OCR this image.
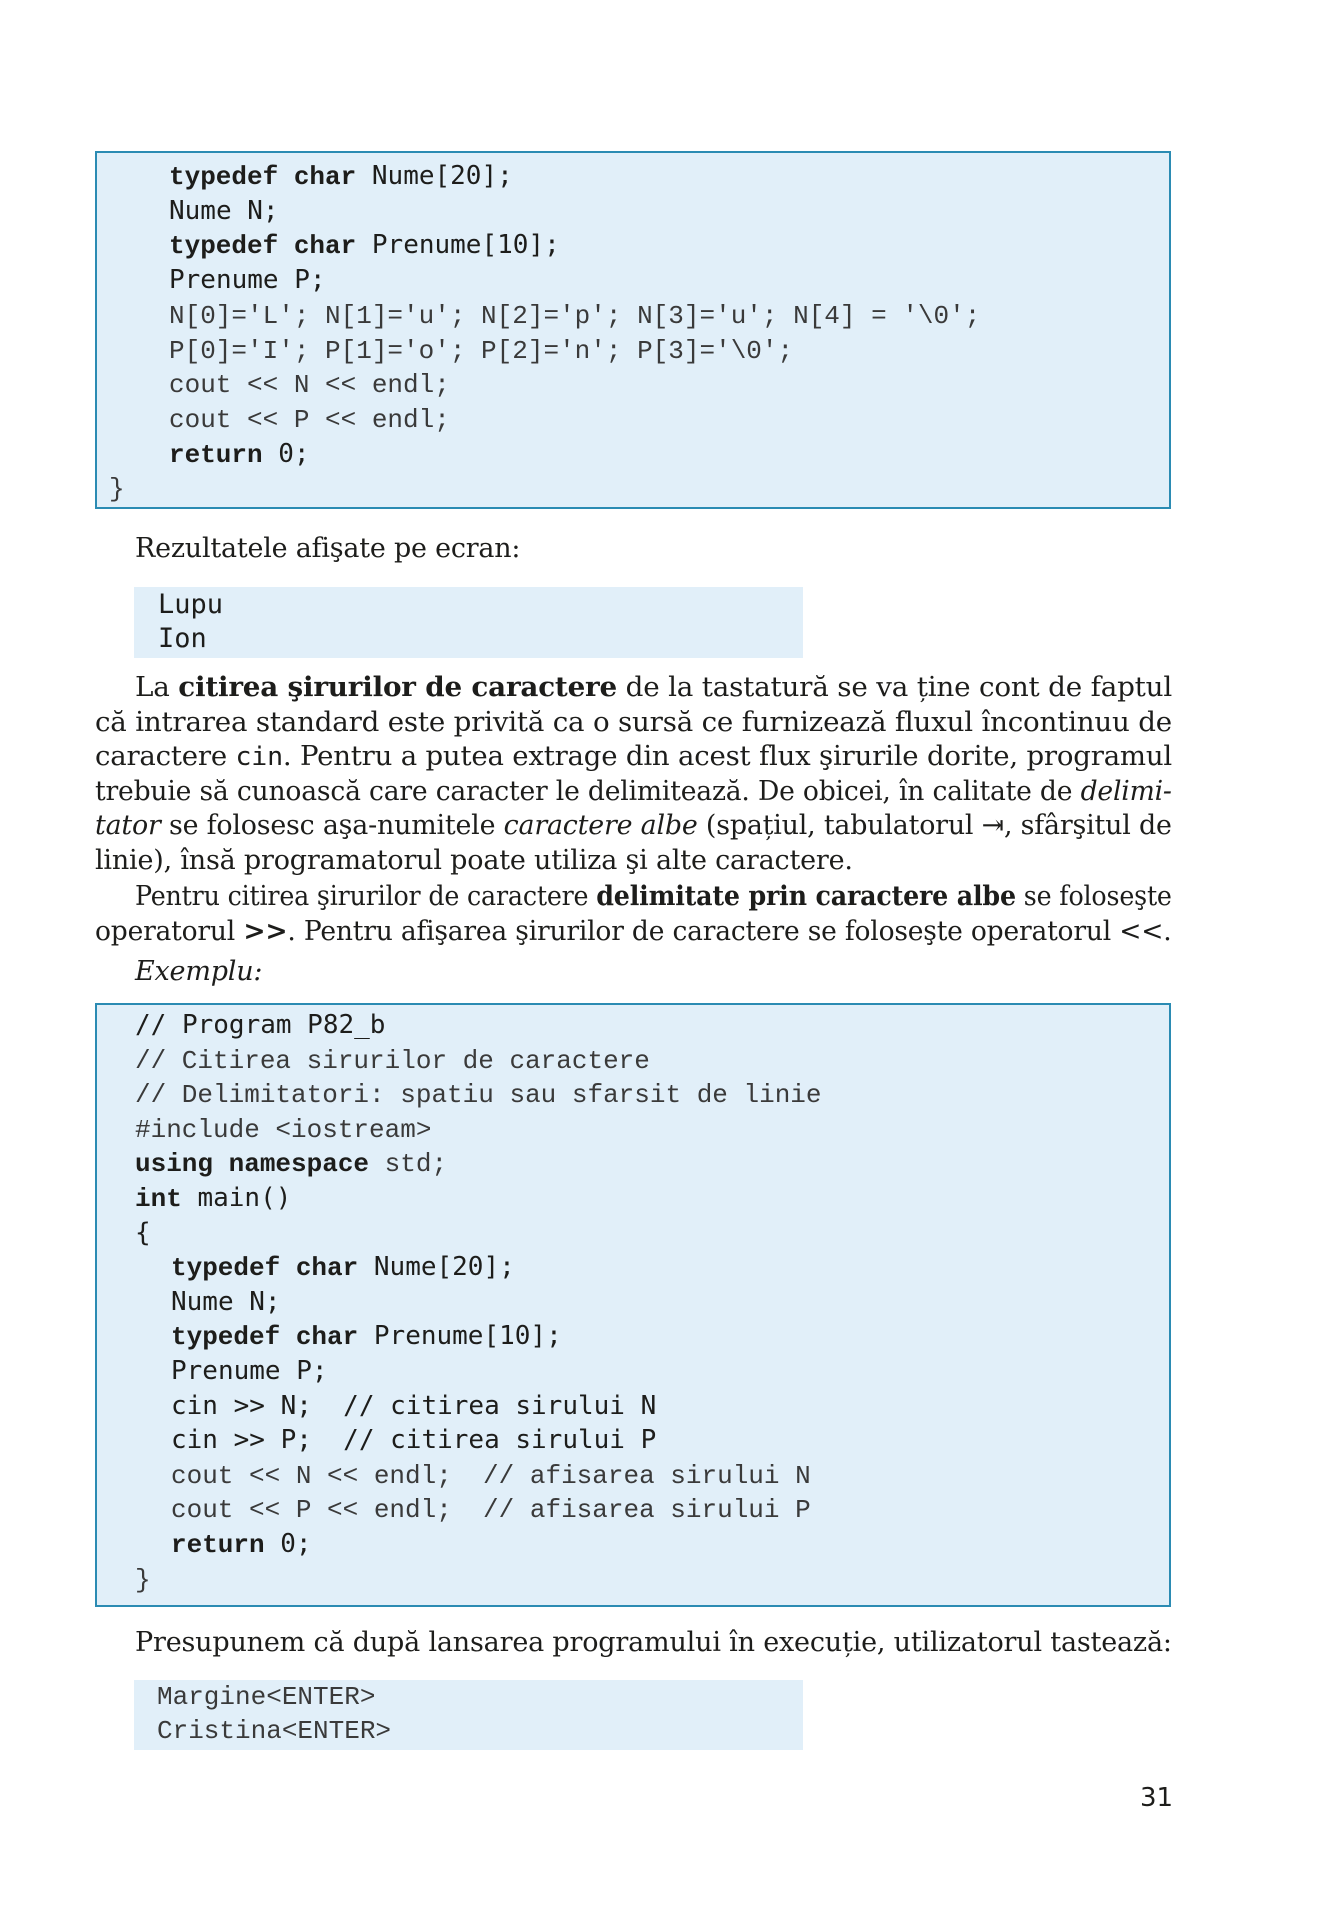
typedef char Nume[20];
Nume N;
typedef char Prenume[10];
Prenume P;
N[0]='L'; N[1]='u'; N[2]='p'; N[3]='u'; N[4] = '\0';
P[0]='I'; P[1]='o'; P[2]='n'; P[3]='\0';
cout << N << endl;
cout << P << endl;
return 0;
}
Rezultatele afişate pe ecran:
Lupu
Ion
La citirea şirurilor de caractere de la tastatură se va ține cont de faptul
că intrarea standard este privită ca o sursă ce furnizează fluxul încontinuu de
caractere cin. Pentru a putea extrage din acest flux şirurile dorite, programul
trebuie să cunoască care caracter le delimitează. De obicei, în calitate de delimi-
tator se folosesc aşa-numitele caractere albe (spațiul, tabulatorul ⇥, sfârşitul de
linie), însă programatorul poate utiliza şi alte caractere.
Pentru citirea şirurilor de caractere delimitate prin caractere albe se foloseşte
operatorul >>. Pentru afişarea şirurilor de caractere se foloseşte operatorul <<.
Exemplu:
// Program P82_b
// Citirea sirurilor de caractere
// Delimitatori: spatiu sau sfarsit de linie
#include <iostream>
using namespace std;
int main()
{
typedef char Nume[20];
Nume N;
typedef char Prenume[10];
Prenume P;
cin >> N;  // citirea sirului N
cin >> P;  // citirea sirului P
cout << N << endl;  // afisarea sirului N
cout << P << endl;  // afisarea sirului P
return 0;
}
Presupunem că după lansarea programului în execuție, utilizatorul tastează:
Margine<ENTER>
Cristina<ENTER>
31
